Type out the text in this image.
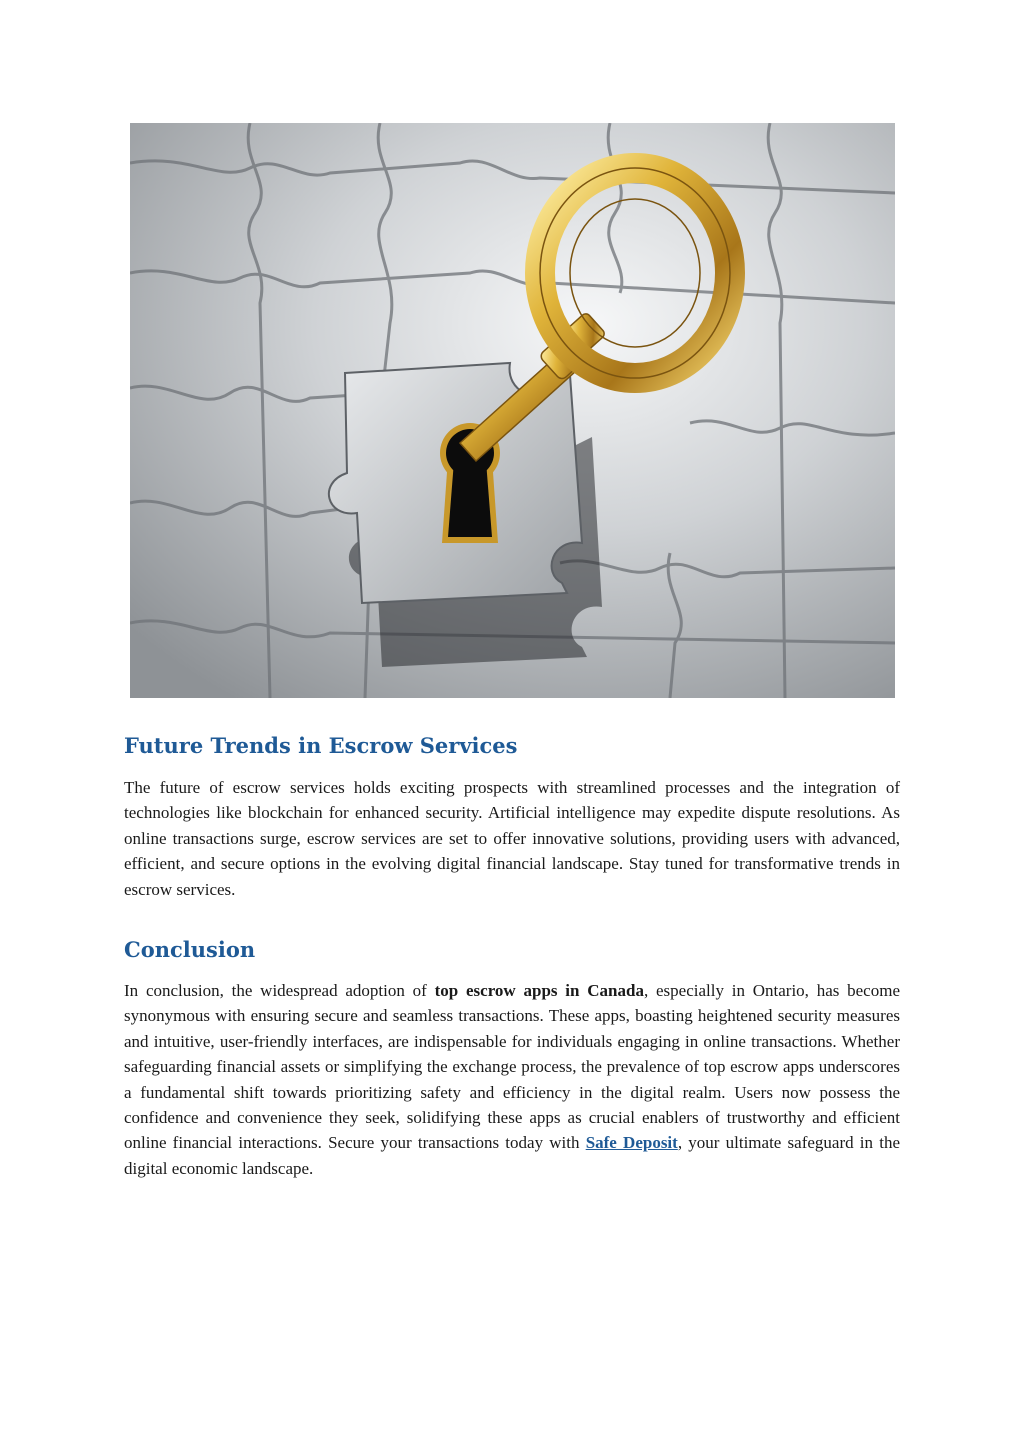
Future Trends in Escrow Services

The future of escrow services holds exciting prospects with streamlined processes and the integration of technologies like blockchain for enhanced security. Artificial intelligence may expedite dispute resolutions. As online transactions surge, escrow services are set to offer innovative solutions, providing users with advanced, efficient, and secure options in the evolving digital financial landscape. Stay tuned for transformative trends in escrow services.

Conclusion

In conclusion, the widespread adoption of top escrow apps in Canada, especially in Ontario, has become synonymous with ensuring secure and seamless transactions. These apps, boasting heightened security measures and intuitive, user-friendly interfaces, are indispensable for individuals engaging in online transactions. Whether safeguarding financial assets or simplifying the exchange process, the prevalence of top escrow apps underscores a fundamental shift towards prioritizing safety and efficiency in the digital realm. Users now possess the confidence and convenience they seek, solidifying these apps as crucial enablers of trustworthy and efficient online financial interactions. Secure your transactions today with Safe Deposit, your ultimate safeguard in the digital economic landscape.
